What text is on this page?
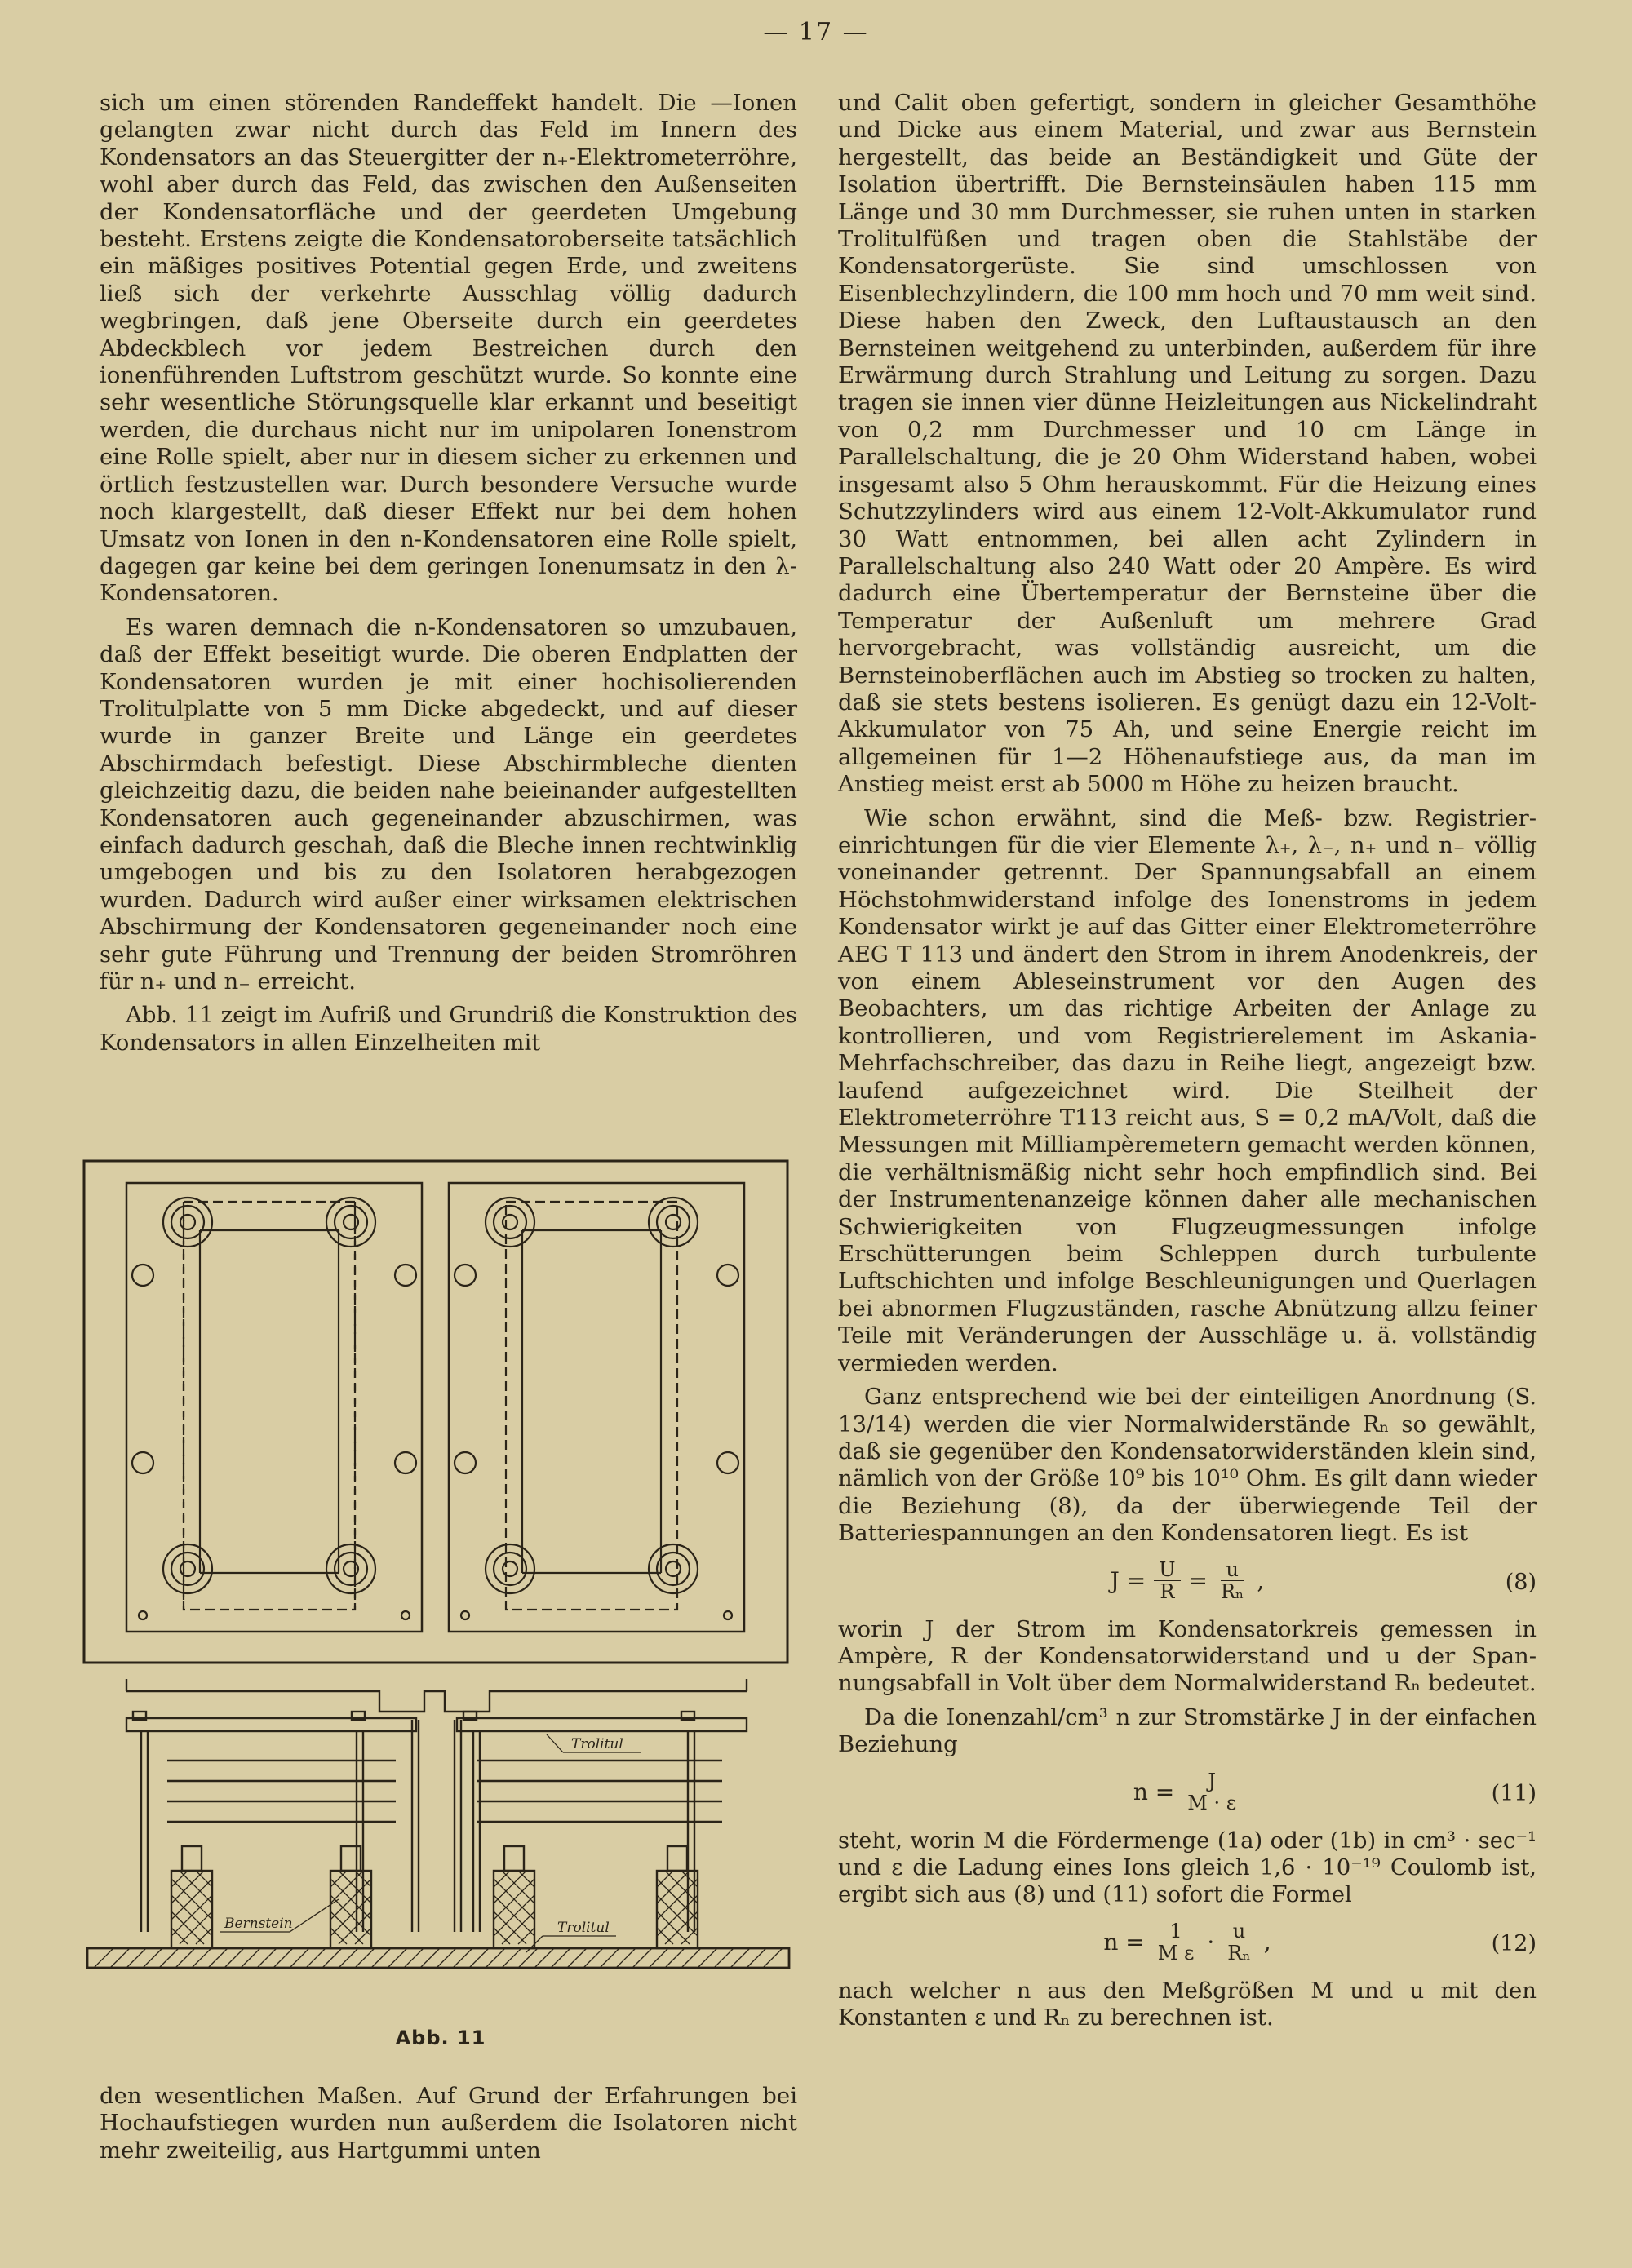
— 17 —

sich um einen störenden Randeffekt handelt. Die —Ionen gelangten zwar nicht durch das Feld im Innern des Kondensators an das Steuergitter der n₊-Elektrometerröhre, wohl aber durch das Feld, das zwischen den Außenseiten der Kondensatorfläche und der geerdeten Umgebung besteht. Erstens zeigte die Kondensatoroberseite tatsächlich ein mäßiges positives Potential gegen Erde, und zweitens ließ sich der verkehrte Ausschlag völlig dadurch wegbringen, daß jene Oberseite durch ein geerdetes Abdeckblech vor jedem Bestreichen durch den ionenführenden Luftstrom geschützt wurde. So konnte eine sehr wesentliche Störungsquelle klar erkannt und beseitigt werden, die durchaus nicht nur im unipolaren Ionenstrom eine Rolle spielt, aber nur in diesem sicher zu erkennen und örtlich festzustellen war. Durch besondere Versuche wurde noch klargestellt, daß dieser Effekt nur bei dem hohen Umsatz von Ionen in den n-Kondensatoren eine Rolle spielt, dagegen gar keine bei dem geringen Ionenumsatz in den λ-Kondensatoren.

Es waren demnach die n-Kondensatoren so umzubauen, daß der Effekt beseitigt wurde. Die oberen Endplatten der Kondensatoren wurden je mit einer hochisolierenden Trolitulplatte von 5 mm Dicke abgedeckt, und auf dieser wurde in ganzer Breite und Länge ein geerdetes Abschirmdach befestigt. Diese Abschirmbleche dienten gleichzeitig dazu, die beiden nahe beieinander aufgestellten Kondensatoren auch gegeneinander abzuschirmen, was einfach dadurch geschah, daß die Bleche innen rechtwinklig umgebogen und bis zu den Isolatoren herabgezogen wurden. Dadurch wird außer einer wirksamen elektrischen Abschirmung der Kondensatoren gegeneinander noch eine sehr gute Führung und Trennung der beiden Stromröhren für n₊ und n₋ erreicht.

Abb. 11 zeigt im Aufriß und Grundriß die Konstruktion des Kondensators in allen Einzelheiten mit

Trolitul
Bernstein	Trolitul
Abb. 11
den wesentlichen Maßen. Auf Grund der Erfahrungen bei Hochaufstiegen wurden nun außerdem die Isolatoren nicht mehr zweiteilig, aus Hartgummi unten

und Calit oben gefertigt, sondern in gleicher Gesamthöhe und Dicke aus einem Material, und zwar aus Bernstein hergestellt, das beide an Beständigkeit und Güte der Isolation übertrifft. Die Bernsteinsäulen haben 115 mm Länge und 30 mm Durchmesser, sie ruhen unten in starken Trolitulfüßen und tragen oben die Stahlstäbe der Kondensatorgerüste. Sie sind umschlossen von Eisenblechzylindern, die 100 mm hoch und 70 mm weit sind. Diese haben den Zweck, den Luftaustausch an den Bernsteinen weitgehend zu unterbinden, außerdem für ihre Erwärmung durch Strahlung und Leitung zu sorgen. Dazu tragen sie innen vier dünne Heizleitungen aus Nickelindraht von 0,2 mm Durchmesser und 10 cm Länge in Parallelschaltung, die je 20 Ohm Widerstand haben, wobei insgesamt also 5 Ohm herauskommt. Für die Heizung eines Schutzzylinders wird aus einem 12-Volt-Akkumulator rund 30 Watt entnommen, bei allen acht Zylindern in Parallelschaltung also 240 Watt oder 20 Ampère. Es wird dadurch eine Übertemperatur der Bernsteine über die Temperatur der Außenluft um mehrere Grad hervorgebracht, was vollständig ausreicht, um die Bernsteinoberflächen auch im Abstieg so trocken zu halten, daß sie stets bestens isolieren. Es genügt dazu ein 12-Volt-Akkumulator von 75 Ah, und seine Energie reicht im allgemeinen für 1—2 Höhenaufstiege aus, da man im Anstieg meist erst ab 5000 m Höhe zu heizen braucht.

Wie schon erwähnt, sind die Meß- bzw. Registriereinrichtungen für die vier Elemente λ₊, λ₋, n₊ und n₋ völlig voneinander getrennt. Der Spannungsabfall an einem Höchstohmwiderstand infolge des Ionenstroms in jedem Kondensator wirkt je auf das Gitter einer Elektrometerröhre AEG T 113 und ändert den Strom in ihrem Anodenkreis, der von einem Ableseinstrument vor den Augen des Beobachters, um das richtige Arbeiten der Anlage zu kontrollieren, und vom Registrierelement im Askania-Mehrfachschreiber, das dazu in Reihe liegt, angezeigt bzw. laufend aufgezeichnet wird. Die Steilheit der Elektrometerröhre T113 reicht aus, S = 0,2 mA/Volt, daß die Messungen mit Milliampèremetern gemacht werden können, die verhältnismäßig nicht sehr hoch empfindlich sind. Bei der Instrumentenanzeige können daher alle mechanischen Schwierigkeiten von Flugzeugmessungen infolge Erschütterungen beim Schleppen durch turbulente Luftschichten und infolge Beschleunigungen und Querlagen bei abnormen Flugzuständen, rasche Abnützung allzu feiner Teile mit Veränderungen der Ausschläge u. ä. vollständig vermieden werden.

Ganz entsprechend wie bei der einteiligen Anordnung (S. 13/14) werden die vier Normalwiderstände Rₙ so gewählt, daß sie gegenüber den Kondensatorwiderständen klein sind, nämlich von der Größe 10⁹ bis 10¹⁰ Ohm. Es gilt dann wieder die Beziehung (8), da der überwiegende Teil der Batteriespannungen an den Kondensatoren liegt. Es ist

$J = \frac{U}{R} = \frac{u}{\text{Rₙ}}$ ,	(8)

worin J der Strom im Kondensatorkreis gemessen in Ampère, R der Kondensatorwiderstand und u der Spannungsabfall in Volt über dem Normalwiderstand Rₙ bedeutet.

Da die Ionenzahl/cm³ n zur Stromstärke J in der einfachen Beziehung

$n = \frac{J}{M \cdot \varepsilon}$	(11)

steht, worin M die Fördermenge (1a) oder (1b) in cm³ · sec⁻¹ und ε die Ladung eines Ions gleich 1,6 · 10⁻¹⁹ Coulomb ist, ergibt sich aus (8) und (11) sofort die Formel

$n = \frac{1}{\text{M ε}} \cdot \frac{u}{\text{Rₙ}}$ ,	(12)

nach welcher n aus den Meßgrößen M und u mit den Konstanten ε und Rₙ zu berechnen ist.
